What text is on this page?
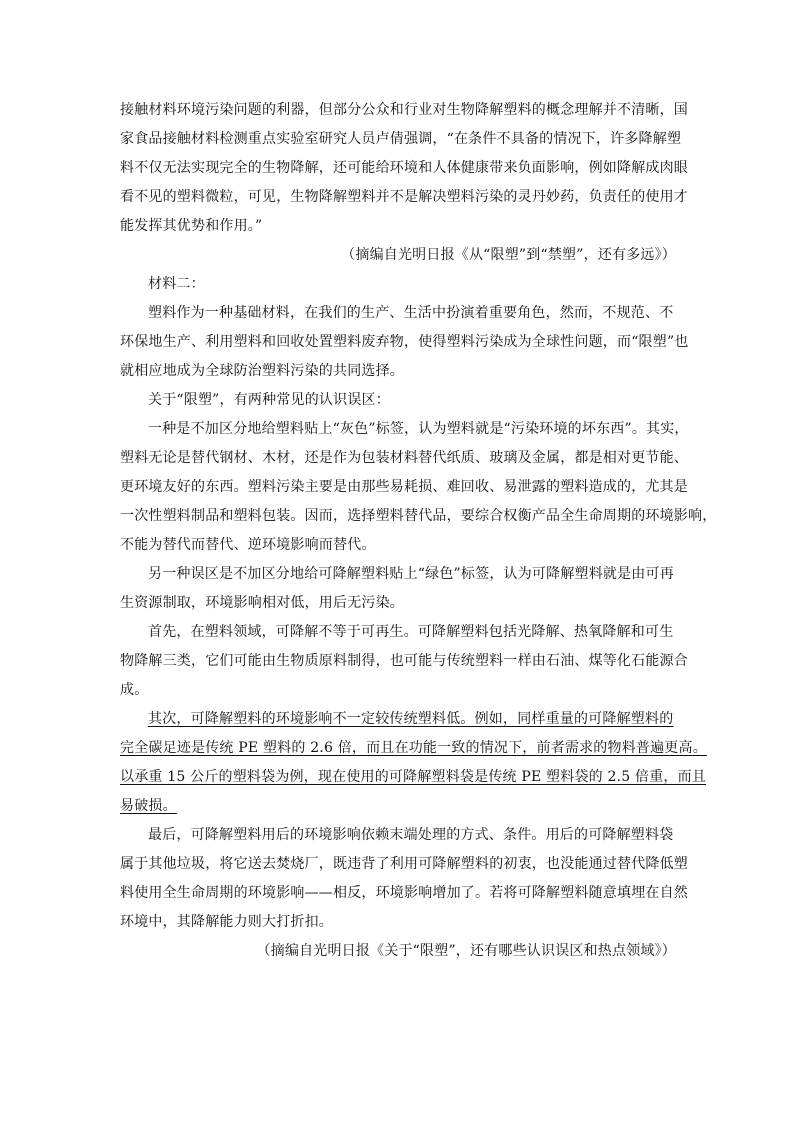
接触材料环境污染问题的利器，但部分公众和行业对生物降解塑料的概念理解并不清晰，国
家食品接触材料检测重点实验室研究人员卢倩强调，“在条件不具备的情况下，许多降解塑
料不仅无法实现完全的生物降解，还可能给环境和人体健康带来负面影响，例如降解成肉眼
看不见的塑料微粒，可见，生物降解塑料并不是解决塑料污染的灵丹妙药，负责任的使用才
能发挥其优势和作用。”

（摘编自光明日报《从“限塑”到“禁塑”，还有多远》）

材料二：

塑料作为一种基础材料，在我们的生产、生活中扮演着重要角色，然而，不规范、不
环保地生产、利用塑料和回收处置塑料废弃物，使得塑料污染成为全球性问题，而“限塑”也
就相应地成为全球防治塑料污染的共同选择。

关于“限塑”，有两种常见的认识误区：

一种是不加区分地给塑料贴上“灰色”标签，认为塑料就是“污染环境的坏东西”。其实，
塑料无论是替代钢材、木材，还是作为包装材料替代纸质、玻璃及金属，都是相对更节能、
更环境友好的东西。塑料污染主要是由那些易耗损、难回收、易泄露的塑料造成的，尤其是
一次性塑料制品和塑料包装。因而，选择塑料替代品，要综合权衡产品全生命周期的环境影响，
不能为替代而替代、逆环境影响而替代。

另一种误区是不加区分地给可降解塑料贴上“绿色”标签，认为可降解塑料就是由可再
生资源制取，环境影响相对低，用后无污染。

首先，在塑料领域，可降解不等于可再生。可降解塑料包括光降解、热氧降解和可生
物降解三类，它们可能由生物质原料制得，也可能与传统塑料一样由石油、煤等化石能源合
成。

其次，可降解塑料的环境影响不一定较传统塑料低。例如，同样重量的可降解塑料的
完全碳足迹是传统 PE 塑料的 2.6 倍，而且在功能一致的情况下，前者需求的物料普遍更高。
以承重 15 公斤的塑料袋为例，现在使用的可降解塑料袋是传统 PE 塑料袋的 2.5 倍重，而且
易破损。

最后，可降解塑料用后的环境影响依赖末端处理的方式、条件。用后的可降解塑料袋
属于其他垃圾，将它送去焚烧厂，既违背了利用可降解塑料的初衷，也没能通过替代降低塑
料使用全生命周期的环境影响——相反，环境影响增加了。若将可降解塑料随意填埋在自然
环境中，其降解能力则大打折扣。

（摘编自光明日报《关于“限塑”，还有哪些认识误区和热点领域》）
